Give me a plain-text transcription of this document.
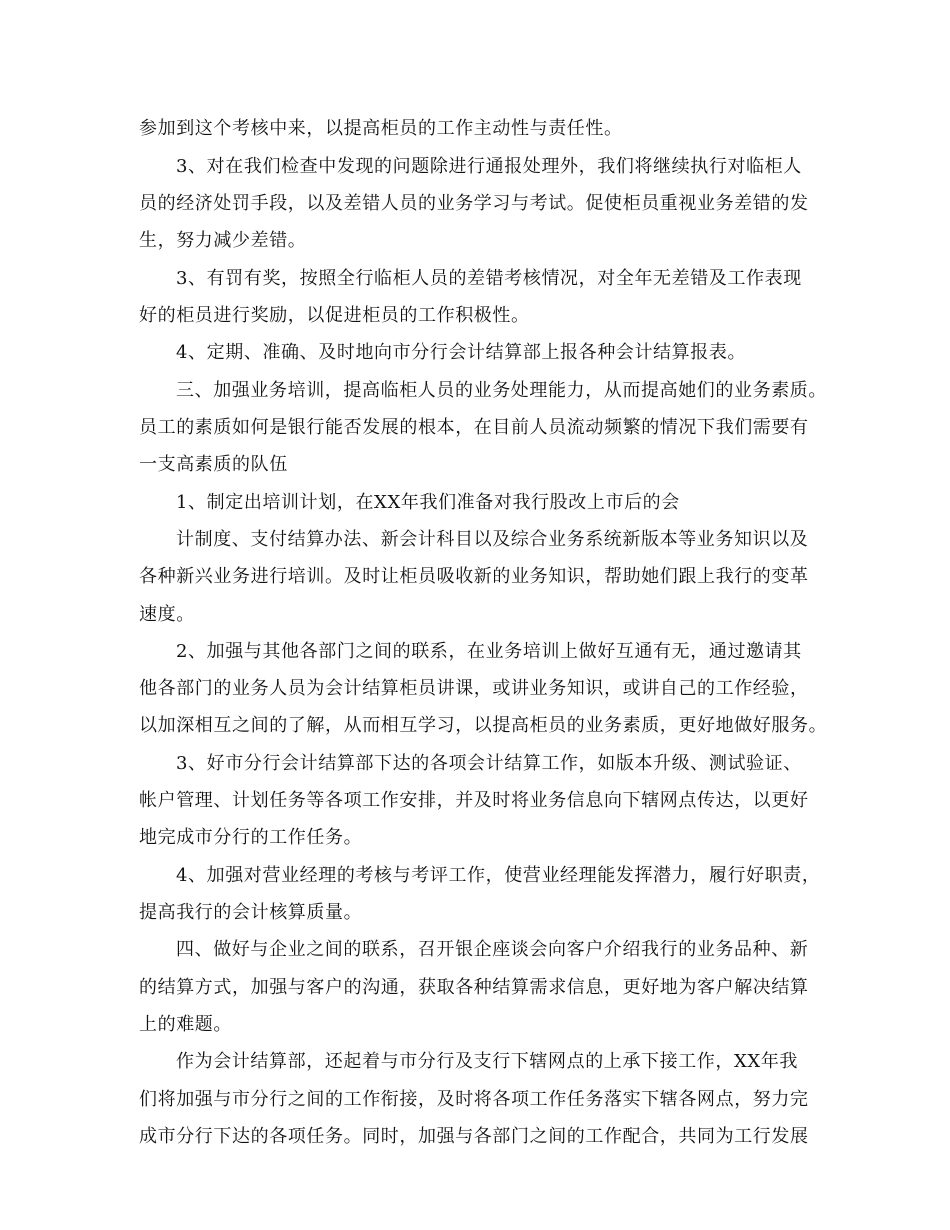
参加到这个考核中来，以提高柜员的工作主动性与责任性。
3、对在我们检查中发现的问题除进行通报处理外，我们将继续执行对临柜人
员的经济处罚手段，以及差错人员的业务学习与考试。促使柜员重视业务差错的发
生，努力减少差错。
3、有罚有奖，按照全行临柜人员的差错考核情况，对全年无差错及工作表现
好的柜员进行奖励，以促进柜员的工作积极性。
4、定期、准确、及时地向市分行会计结算部上报各种会计结算报表。
三、加强业务培训，提高临柜人员的业务处理能力，从而提高她们的业务素质。
员工的素质如何是银行能否发展的根本，在目前人员流动频繁的情况下我们需要有
一支高素质的队伍
1、制定出培训计划，在XX年我们准备对我行股改上市后的会
计制度、支付结算办法、新会计科目以及综合业务系统新版本等业务知识以及
各种新兴业务进行培训。及时让柜员吸收新的业务知识，帮助她们跟上我行的变革
速度。
2、加强与其他各部门之间的联系，在业务培训上做好互通有无，通过邀请其
他各部门的业务人员为会计结算柜员讲课，或讲业务知识，或讲自己的工作经验，
以加深相互之间的了解，从而相互学习，以提高柜员的业务素质，更好地做好服务。
3、好市分行会计结算部下达的各项会计结算工作，如版本升级、测试验证、
帐户管理、计划任务等各项工作安排，并及时将业务信息向下辖网点传达，以更好
地完成市分行的工作任务。
4、加强对营业经理的考核与考评工作，使营业经理能发挥潜力，履行好职责，
提高我行的会计核算质量。
四、做好与企业之间的联系，召开银企座谈会向客户介绍我行的业务品种、新
的结算方式，加强与客户的沟通，获取各种结算需求信息，更好地为客户解决结算
上的难题。
作为会计结算部，还起着与市分行及支行下辖网点的上承下接工作，XX年我
们将加强与市分行之间的工作衔接，及时将各项工作任务落实下辖各网点，努力完
成市分行下达的各项任务。同时，加强与各部门之间的工作配合，共同为工行发展
